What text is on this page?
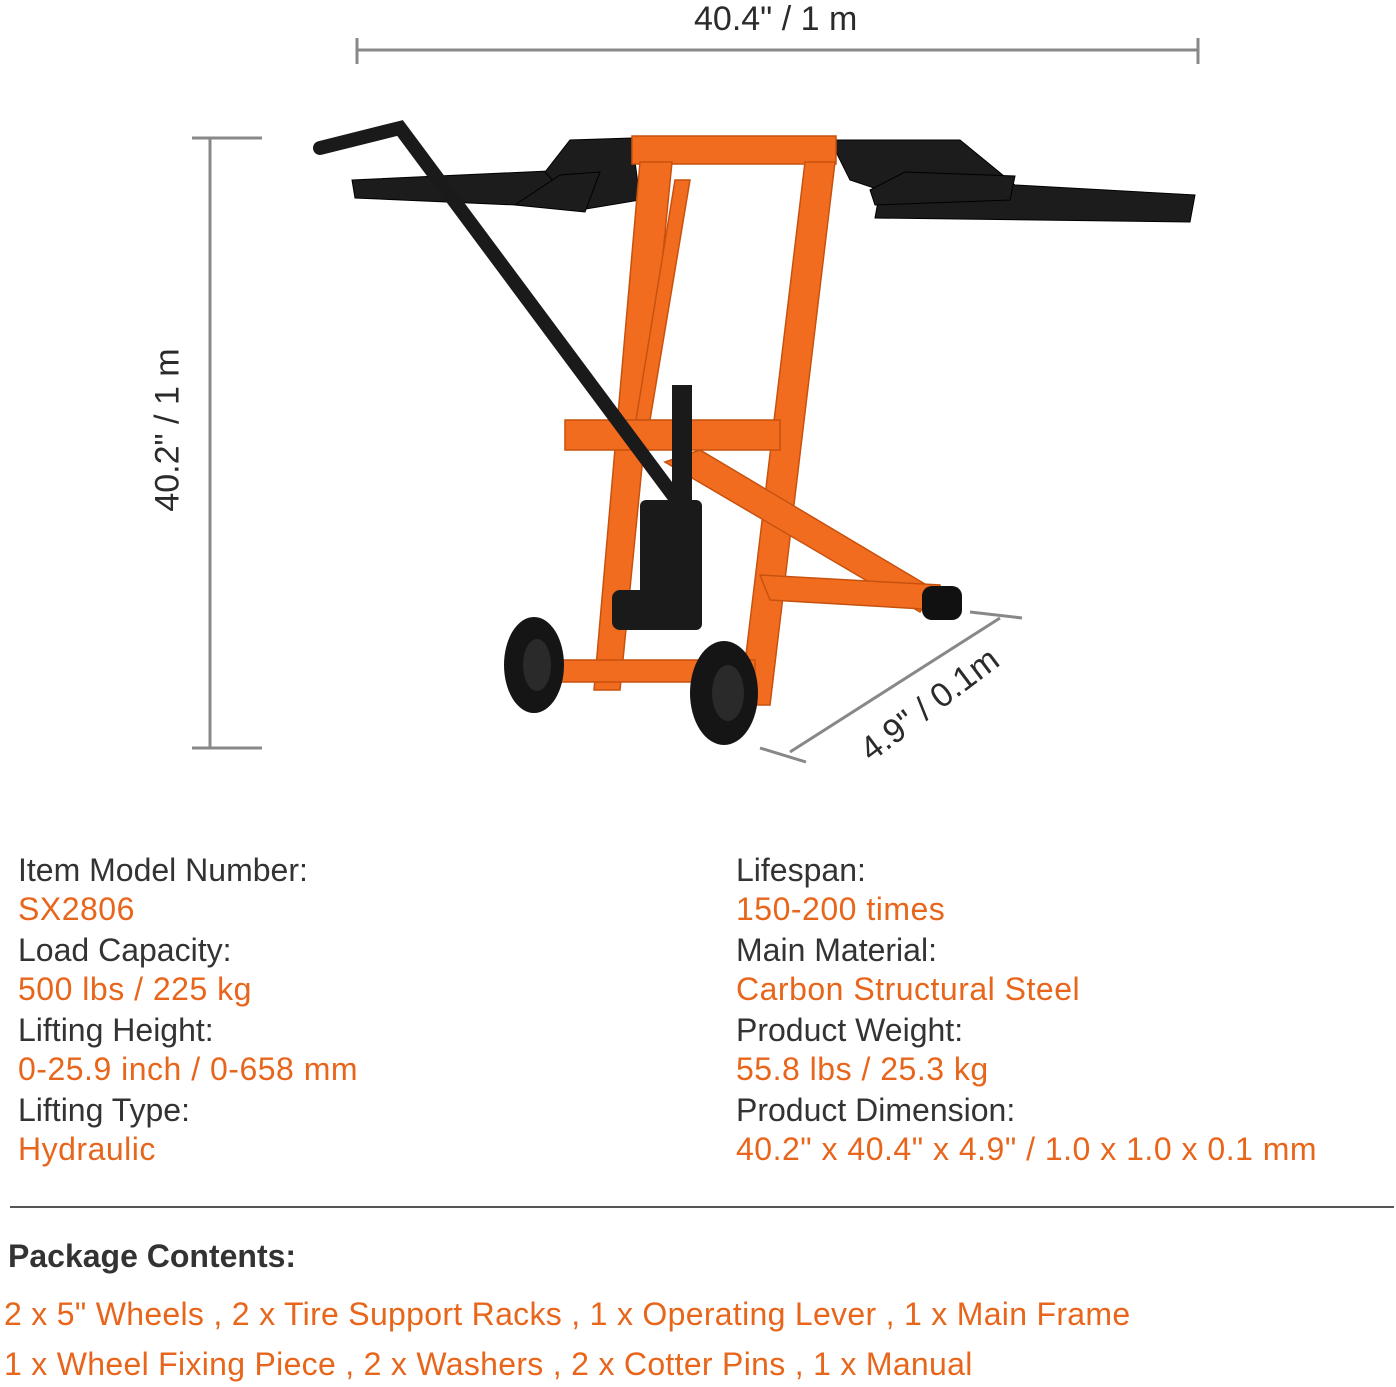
40.4" / 1 m
40.2" / 1 m
4.9" / 0.1m
Item Model Number:
SX2806
Load Capacity:
500 lbs / 225 kg
Lifting Height:
0-25.9 inch / 0-658 mm
Lifting Type:
Hydraulic
Lifespan:
150-200 times
Main Material:
Carbon Structural Steel
Product Weight:
55.8 lbs / 25.3 kg
Product Dimension:
40.2" x 40.4" x 4.9" / 1.0 x 1.0 x 0.1 mm
Package Contents:
2 x 5" Wheels , 2 x Tire Support Racks , 1 x Operating Lever , 1 x Main Frame
1 x Wheel Fixing Piece , 2 x Washers , 2 x Cotter Pins , 1 x Manual
